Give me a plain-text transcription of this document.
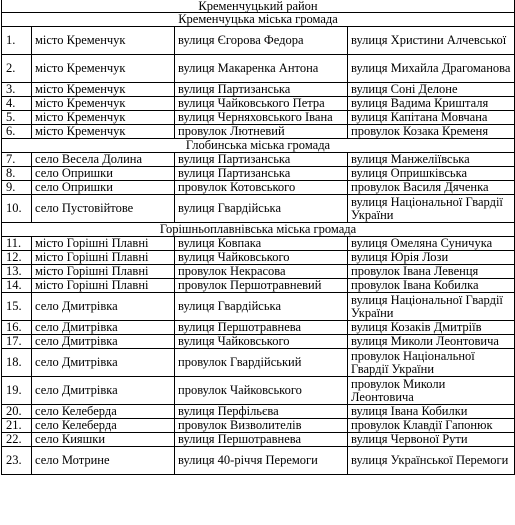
Кременчуцький район			
Кременчуцька міська громада			
1.	місто Кременчук	вулиця Єгорова Федора	вулиця Христини Алчевської
2.	місто Кременчук	вулиця Макаренка Антона	вулиця Михайла Драгоманова
3.	місто Кременчук	вулиця Партизанська	вулиця Соні Делоне
4.	місто Кременчук	вулиця Чайковського Петра	вулиця Вадима Кришталя
5.	місто Кременчук	вулиця Черняховського Івана	вулиця Капітана Мовчана
6.	місто Кременчук	провулок Лютневий	провулок Козака Кременя
Глобинська міська громада			
7.	село Весела Долина	вулиця Партизанська	вулиця Манжеліївська
8.	село Опришки	вулиця Партизанська	вулиця Опришківська
9.	село Опришки	провулок Котовського	провулок Василя Дяченка
10.	село Пустовійтове	вулиця Гвардійська	вулиця Національної Гвардії України
Горішньоплавнівська міська громада			
11.	місто Горішні Плавні	вулиця Ковпака	вулиця Омеляна Суничука
12.	місто Горішні Плавні	вулиця Чайковського	вулиця Юрія Лози
13.	місто Горішні Плавні	провулок Некрасова	провулок Івана Левенця
14.	місто Горішні Плавні	провулок Першотравневий	провулок Івана Кобилка
15.	село Дмитрівка	вулиця Гвардійська	вулиця Національної Гвардії України
16.	село Дмитрівка	вулиця Першотравнева	вулиця Козаків Дмитріїв
17.	село Дмитрівка	вулиця Чайковського	вулиця Миколи Леонтовича
18.	село Дмитрівка	провулок Гвардійський	провулок Національної Гвардії України
19.	село Дмитрівка	провулок Чайковського	провулок Миколи Леонтовича
20.	село Келеберда	вулиця Перфільєва	вулиця Івана Кобилки
21.	село Келеберда	провулок Визволителів	провулок Клавдії Гапонюк
22.	село Кияшки	вулиця Першотравнева	вулиця Червоної Рути
23.	село Мотрине	вулиця 40-річчя Перемоги	вулиця Української Перемоги
